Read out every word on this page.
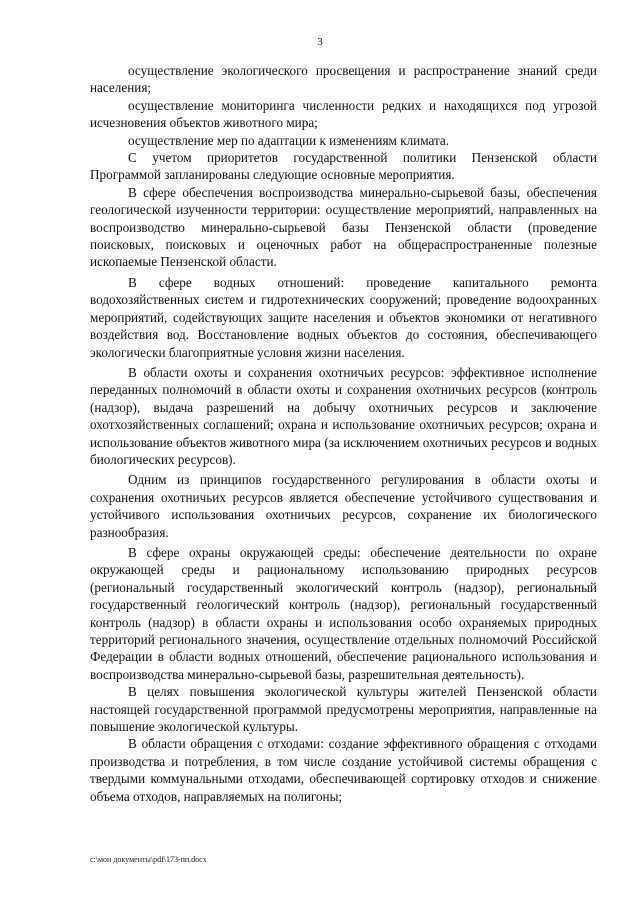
3

осуществление экологического просвещения и распространение знаний среди населения;

осуществление мониторинга численности редких и находящихся под угрозой исчезновения объектов животного мира;

осуществление мер по адаптации к изменениям климата.

С учетом приоритетов государственной политики Пензенской области Программой запланированы следующие основные мероприятия.

В сфере обеспечения воспроизводства минерально-сырьевой базы, обеспечения геологической изученности территории: осуществление мероприятий, направленных на воспроизводство минерально-сырьевой базы Пензенской области (проведение поисковых, поисковых и оценочных работ на общераспространенные полезные ископаемые Пензенской области.

В сфере водных отношений: проведение капитального ремонта водохозяйственных систем и гидротехнических сооружений; проведение водоохранных мероприятий, содействующих защите населения и объектов экономики от негативного воздействия вод. Восстановление водных объектов до состояния, обеспечивающего экологически благоприятные условия жизни населения.

В области охоты и сохранения охотничьих ресурсов: эффективное исполнение переданных полномочий в области охоты и сохранения охотничьих ресурсов (контроль (надзор), выдача разрешений на добычу охотничьих ресурсов и заключение охотхозяйственных соглашений; охрана и использование охотничьих ресурсов; охрана и использование объектов животного мира (за исключением охотничьих ресурсов и водных биологических ресурсов).

Одним из принципов государственного регулирования в области охоты и сохранения охотничьих ресурсов является обеспечение устойчивого существования и устойчивого использования охотничьих ресурсов, сохранение их биологического разнообразия.

В сфере охраны окружающей среды: обеспечение деятельности по охране окружающей среды и рациональному использованию природных ресурсов (региональный государственный экологический контроль (надзор), региональный государственный геологический контроль (надзор), региональный государственный контроль (надзор) в области охраны и использования особо охраняемых природных территорий регионального значения, осуществление отдельных полномочий Российской Федерации в области водных отношений, обеспечение рационального использования и воспроизводства минерально-сырьевой базы, разрешительная деятельность).

В целях повышения экологической культуры жителей Пензенской области настоящей государственной программой предусмотрены мероприятия, направленные на повышение экологической культуры.

В области обращения с отходами: создание эффективного обращения с отходами производства и потребления, в том числе создание устойчивой системы обращения с твердыми коммунальными отходами, обеспечивающей сортировку отходов и снижение объема отходов, направляемых на полигоны;

c:\мои документы\pdf\173-пп.docx
